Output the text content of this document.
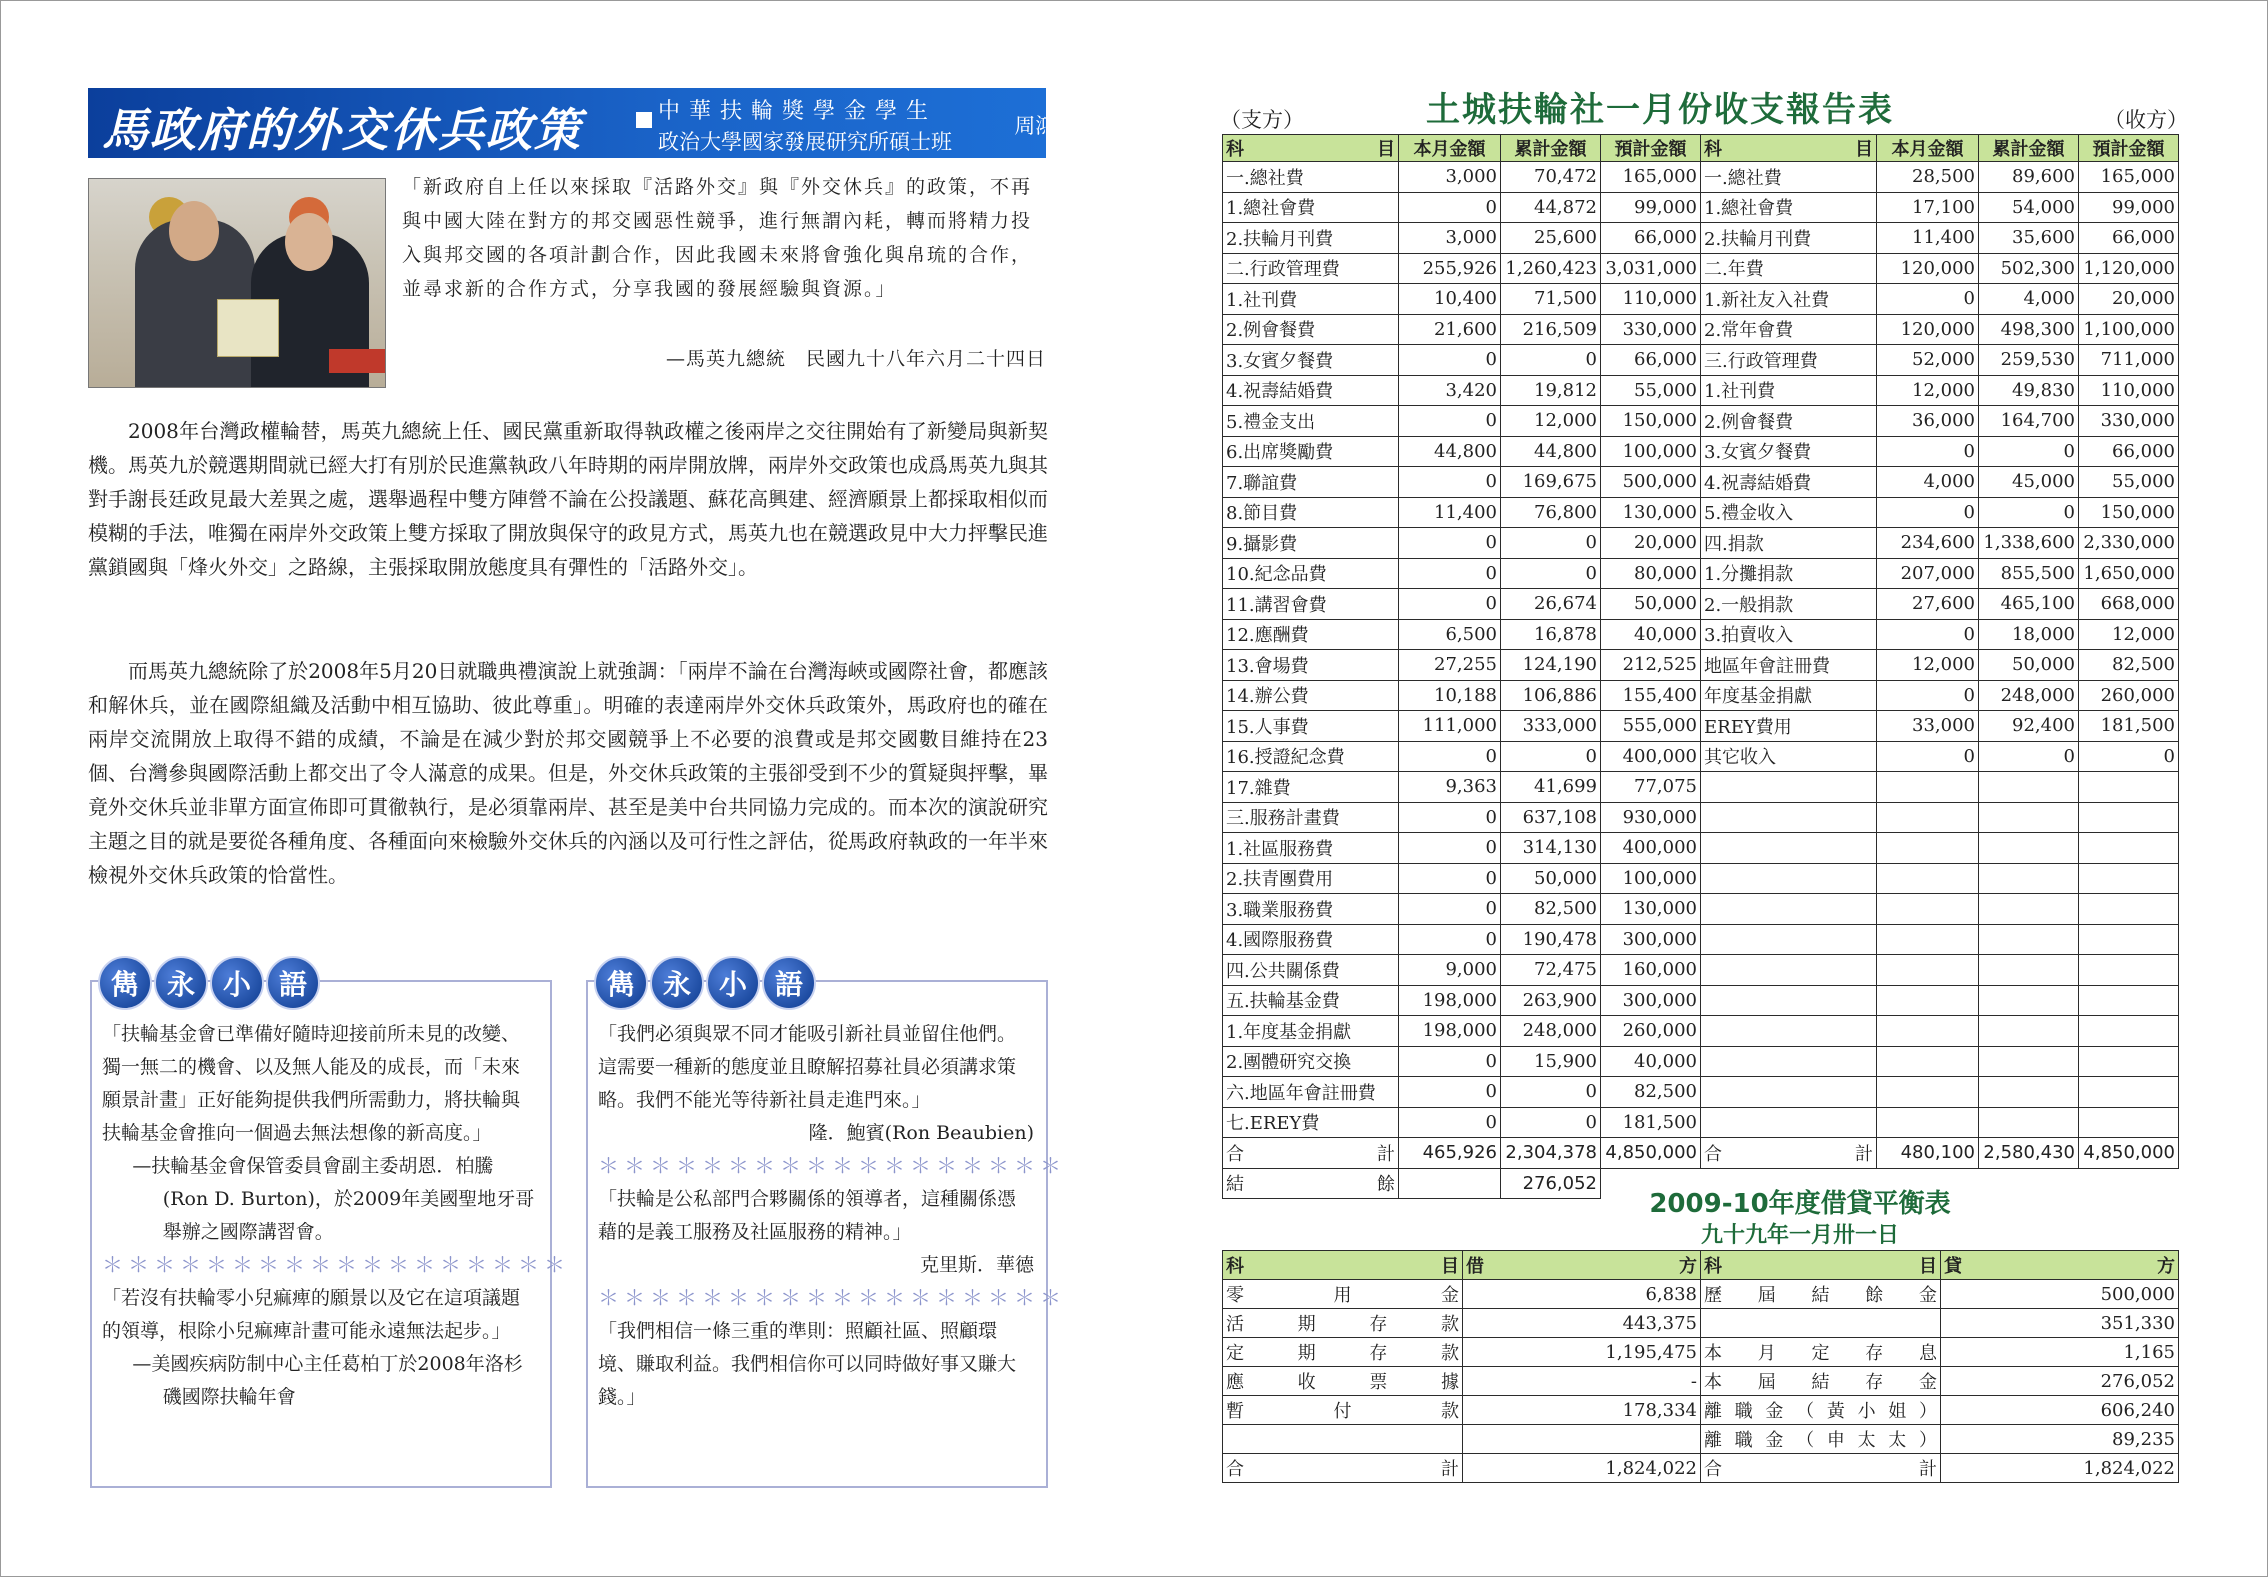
馬政府的外交休兵政策	中華扶輪獎學金學生
政治大學國家發展研究所碩士班
周鴻昌 同學
「新政府自上任以來採取『活路外交』與『外交休兵』的政策，不再與中國大陸在對方的邦交國惡性競爭，進行無謂內耗，轉而將精力投入與邦交國的各項計劃合作，因此我國未來將會強化與帛琉的合作，並尋求新的合作方式，分享我國的發展經驗與資源。」
—馬英九總統　民國九十八年六月二十四日

2008年台灣政權輪替，馬英九總統上任、國民黨重新取得執政權之後兩岸之交往開始有了新變局與新契機。馬英九於競選期間就已經大打有別於民進黨執政八年時期的兩岸開放牌，兩岸外交政策也成爲馬英九與其對手謝長廷政見最大差異之處，選舉過程中雙方陣營不論在公投議題、蘇花高興建、經濟願景上都採取相似而模糊的手法，唯獨在兩岸外交政策上雙方採取了開放與保守的政見方式，馬英九也在競選政見中大力抨擊民進黨鎖國與「烽火外交」之路線，主張採取開放態度具有彈性的「活路外交」。

而馬英九總統除了於2008年5月20日就職典禮演說上就強調：「兩岸不論在台灣海峽或國際社會，都應該和解休兵，並在國際組織及活動中相互協助、彼此尊重」。明確的表達兩岸外交休兵政策外，馬政府也的確在兩岸交流開放上取得不錯的成績，不論是在減少對於邦交國競爭上不必要的浪費或是邦交國數目維持在23個、台灣參與國際活動上都交出了令人滿意的成果。但是，外交休兵政策的主張卻受到不少的質疑與抨擊，畢竟外交休兵並非單方面宣佈即可貫徹執行，是必須靠兩岸、甚至是美中台共同協力完成的。而本次的演說研究主題之目的就是要從各種角度、各種面向來檢驗外交休兵的內涵以及可行性之評估，從馬政府執政的一年半來檢視外交休兵政策的恰當性。

雋 永 小 語

「扶輪基金會已準備好隨時迎接前所未見的改變、獨一無二的機會、以及無人能及的成長，而「未來願景計畫」正好能夠提供我們所需動力，將扶輪與扶輪基金會推向一個過去無法想像的新高度。」

—扶輪基金會保管委員會副主委胡恩．柏騰(Ron D. Burton)，於2009年美國聖地牙哥舉辦之國際講習會。

＊＊＊＊＊＊＊＊＊＊＊＊＊＊＊＊＊＊

「若沒有扶輪零小兒痲痺的願景以及它在這項議題的領導，根除小兒痲痺計畫可能永遠無法起步。」

—美國疾病防制中心主任葛柏丁於2008年洛杉磯國際扶輪年會

雋 永 小 語

「我們必須與眾不同才能吸引新社員並留住他們。這需要一種新的態度並且瞭解招募社員必須講求策略。我們不能光等待新社員走進門來。」

隆．鮑賓(Ron Beaubien)

＊＊＊＊＊＊＊＊＊＊＊＊＊＊＊＊＊＊

「扶輪是公私部門合夥關係的領導者，這種關係憑藉的是義工服務及社區服務的精神。」

克里斯．華德

＊＊＊＊＊＊＊＊＊＊＊＊＊＊＊＊＊＊

「我們相信一條三重的準則：照顧社區、照顧環境、賺取利益。我們相信你可以同時做好事又賺大錢。」

（支方）	土城扶輪社一月份收支報告表	（收方）
科 目	本月金額	累計金額	預計金額	科 目	本月金額	累計金額	預計金額
一.總社費	3,000	70,472	165,000	一.總社費	28,500	89,600	165,000
1.總社會費	0	44,872	99,000	1.總社會費	17,100	54,000	99,000
2.扶輪月刊費	3,000	25,600	66,000	2.扶輪月刊費	11,400	35,600	66,000
二.行政管理費	255,926	1,260,423	3,031,000	二.年費	120,000	502,300	1,120,000
1.社刊費	10,400	71,500	110,000	1.新社友入社費	0	4,000	20,000
2.例會餐費	21,600	216,509	330,000	2.常年會費	120,000	498,300	1,100,000
3.女賓夕餐費	0	0	66,000	三.行政管理費	52,000	259,530	711,000
4.祝壽結婚費	3,420	19,812	55,000	1.社刊費	12,000	49,830	110,000
5.禮金支出	0	12,000	150,000	2.例會餐費	36,000	164,700	330,000
6.出席獎勵費	44,800	44,800	100,000	3.女賓夕餐費	0	0	66,000
7.聯誼費	0	169,675	500,000	4.祝壽結婚費	4,000	45,000	55,000
8.節目費	11,400	76,800	130,000	5.禮金收入	0	0	150,000
9.攝影費	0	0	20,000	四.捐款	234,600	1,338,600	2,330,000
10.紀念品費	0	0	80,000	1.分攤捐款	207,000	855,500	1,650,000
11.講習會費	0	26,674	50,000	2.一般捐款	27,600	465,100	668,000
12.應酬費	6,500	16,878	40,000	3.拍賣收入	0	18,000	12,000
13.會場費	27,255	124,190	212,525	地區年會註冊費	12,000	50,000	82,500
14.辦公費	10,188	106,886	155,400	年度基金捐獻	0	248,000	260,000
15.人事費	111,000	333,000	555,000	EREY費用	33,000	92,400	181,500
16.授證紀念費	0	0	400,000	其它收入	0	0	0
17.雜費	9,363	41,699	77,075				
三.服務計畫費	0	637,108	930,000				
1.社區服務費	0	314,130	400,000				
2.扶青團費用	0	50,000	100,000				
3.職業服務費	0	82,500	130,000				
4.國際服務費	0	190,478	300,000				
四.公共關係費	9,000	72,475	160,000				
五.扶輪基金費	198,000	263,900	300,000				
1.年度基金捐獻	198,000	248,000	260,000				
2.團體研究交換	0	15,900	40,000				
六.地區年會註冊費	0	0	82,500				
七.EREY費	0	0	181,500				

合 計	465,926	2,304,378	4,850,000	合 計	480,100	2,580,430	4,850,000

結 餘		276,052					
2009-10年度借貸平衡表
九十九年一月卅一日
科 目	借 方	科 目	貸 方

零用金	6,838	歷屆結餘金	500,000
活期存款	443,375		351,330
定期存款	1,195,475	本月定存息	1,165
應收票據	-	本屆結存金	276,052
暫付款	178,334	離職金（黃小姐）	606,240
		離職金（申太太）	89,235

合 計	1,824,022	合 計	1,824,022
